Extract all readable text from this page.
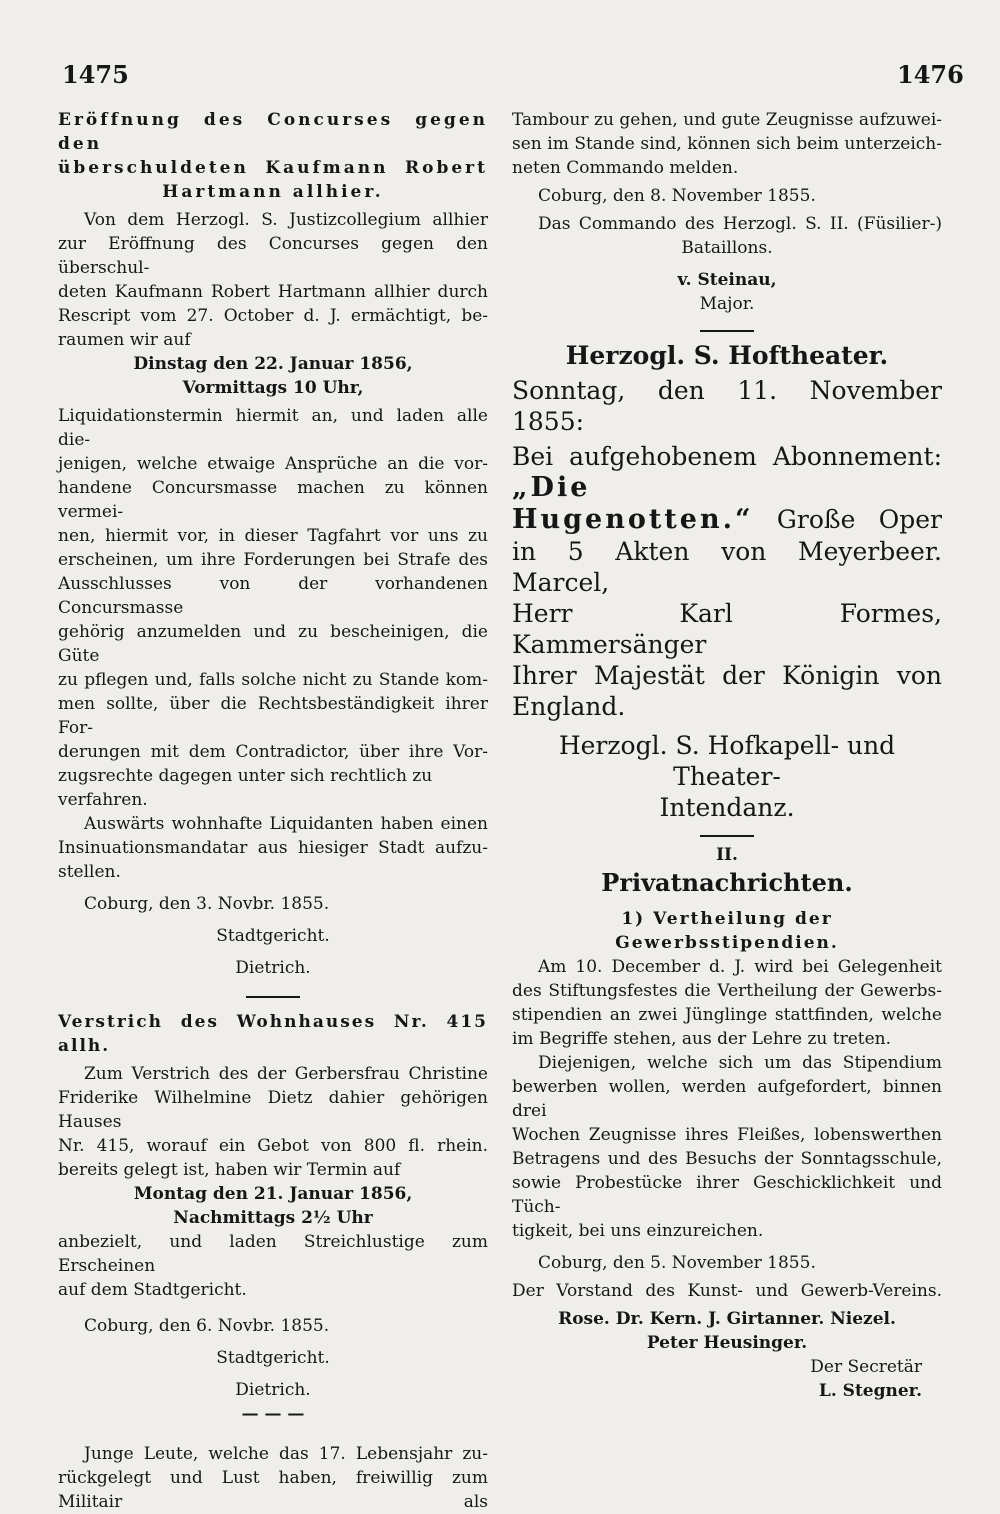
1475	1476

Eröffnung des Concurses gegen den

überschuldeten Kaufmann Robert

Hartmann allhier.

Von dem Herzogl. S. Justizcollegium allhier

zur Eröffnung des Concurses gegen den überschul-

deten Kaufmann Robert Hartmann allhier durch

Rescript vom 27. October d. J. ermächtigt, be-

raumen wir auf

Dinstag den 22. Januar 1856,

Vormittags 10 Uhr,

Liquidationstermin hiermit an, und laden alle die-

jenigen, welche etwaige Ansprüche an die vor-

handene Concursmasse machen zu können vermei-

nen, hiermit vor, in dieser Tagfahrt vor uns zu

erscheinen, um ihre Forderungen bei Strafe des

Ausschlusses von der vorhandenen Concursmasse

gehörig anzumelden und zu bescheinigen, die Güte

zu pflegen und, falls solche nicht zu Stande kom-

men sollte, über die Rechtsbeständigkeit ihrer For-

derungen mit dem Contradictor, über ihre Vor-

zugsrechte dagegen unter sich rechtlich zu verfahren.

Auswärts wohnhafte Liquidanten haben einen

Insinuationsmandatar aus hiesiger Stadt aufzu-

stellen.

Coburg, den 3. Novbr. 1855.

Stadtgericht.

Dietrich.

Verstrich des Wohnhauses Nr. 415 allh.

Zum Verstrich des der Gerbersfrau Christine

Friderike Wilhelmine Dietz dahier gehörigen Hauses

Nr. 415, worauf ein Gebot von 800 fl. rhein.

bereits gelegt ist, haben wir Termin auf

Montag den 21. Januar 1856,

Nachmittags 2½ Uhr

anbezielt, und laden Streichlustige zum Erscheinen

auf dem Stadtgericht.

Coburg, den 6. Novbr. 1855.

Stadtgericht.

Dietrich.

— — —

Junge Leute, welche das 17. Lebensjahr zu-

rückgelegt und Lust haben, freiwillig zum Militair als

Tambour zu gehen, und gute Zeugnisse aufzuwei-

sen im Stande sind, können sich beim unterzeich-

neten Commando melden.

Coburg, den 8. November 1855.

Das Commando des Herzogl. S. II. (Füsilier-)

Bataillons.

v. Steinau,

Major.

Herzogl. S. Hoftheater.

Sonntag, den 11. November 1855:

Bei aufgehobenem Abonnement: „Die

Hugenotten.“ Große Oper

in 5 Akten von Meyerbeer. Marcel,

Herr Karl Formes, Kammersänger

Ihrer Majestät der Königin von

England.

Herzogl. S. Hofkapell- und Theater-

Intendanz.

II.

Privatnachrichten.

1) Vertheilung der Gewerbsstipendien.

Am 10. December d. J. wird bei Gelegenheit

des Stiftungsfestes die Vertheilung der Gewerbs-

stipendien an zwei Jünglinge stattfinden, welche

im Begriffe stehen, aus der Lehre zu treten.

Diejenigen, welche sich um das Stipendium

bewerben wollen, werden aufgefordert, binnen drei

Wochen Zeugnisse ihres Fleißes, lobenswerthen

Betragens und des Besuchs der Sonntagsschule,

sowie Probestücke ihrer Geschicklichkeit und Tüch-

tigkeit, bei uns einzureichen.

Coburg, den 5. November 1855.

Der Vorstand des Kunst- und Gewerb-Vereins.

Rose. Dr. Kern. J. Girtanner. Niezel.

Peter Heusinger.

Der Secretär

L. Stegner.
